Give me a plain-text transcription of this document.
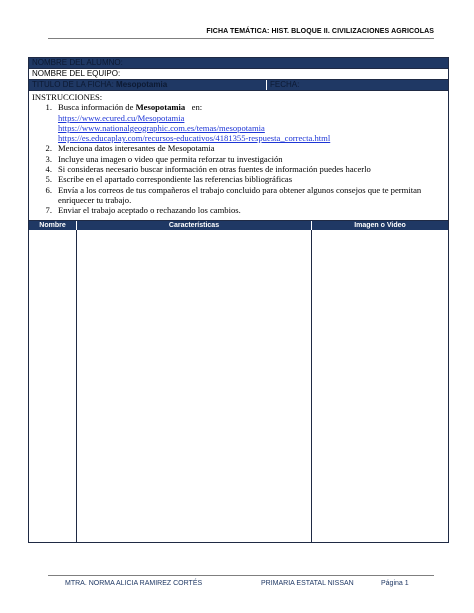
FICHA TEMÁTICA: HIST. BLOQUE II. CIVILIZACIONES AGRICOLAS
NOMBRE DEL ALUMNO:
NOMBRE DEL EQUIPO:
TITULO DE LA FICHA: Mesopotamia	FECHA:
INSTRUCCIONES:
1. Busca información de Mesopotamia   en:
https://www.ecured.cu/Mesopotamia
https://www.nationalgeographic.com.es/temas/mesopotamia
https://es.educaplay.com/recursos-educativos/4181355-respuesta_correcta.html
2. Menciona datos interesantes de Mesopotamia
3. Incluye una imagen o video que permita reforzar tu investigación
4. Si consideras necesario buscar información en otras fuentes de información puedes hacerlo
5. Escribe en el apartado correspondiente las referencias bibliográficas
6. Envía a los correos de tus compañeros el trabajo concluido para obtener algunos consejos que te permitan enriquecer tu trabajo.
7. Enviar el trabajo aceptado o rechazando los cambios.
Nombre	Características	Imagen o Video
MTRA. NORMA ALICIA RAMIREZ CORTÉS	PRIMARIA ESTATAL NISSAN	Página 1
